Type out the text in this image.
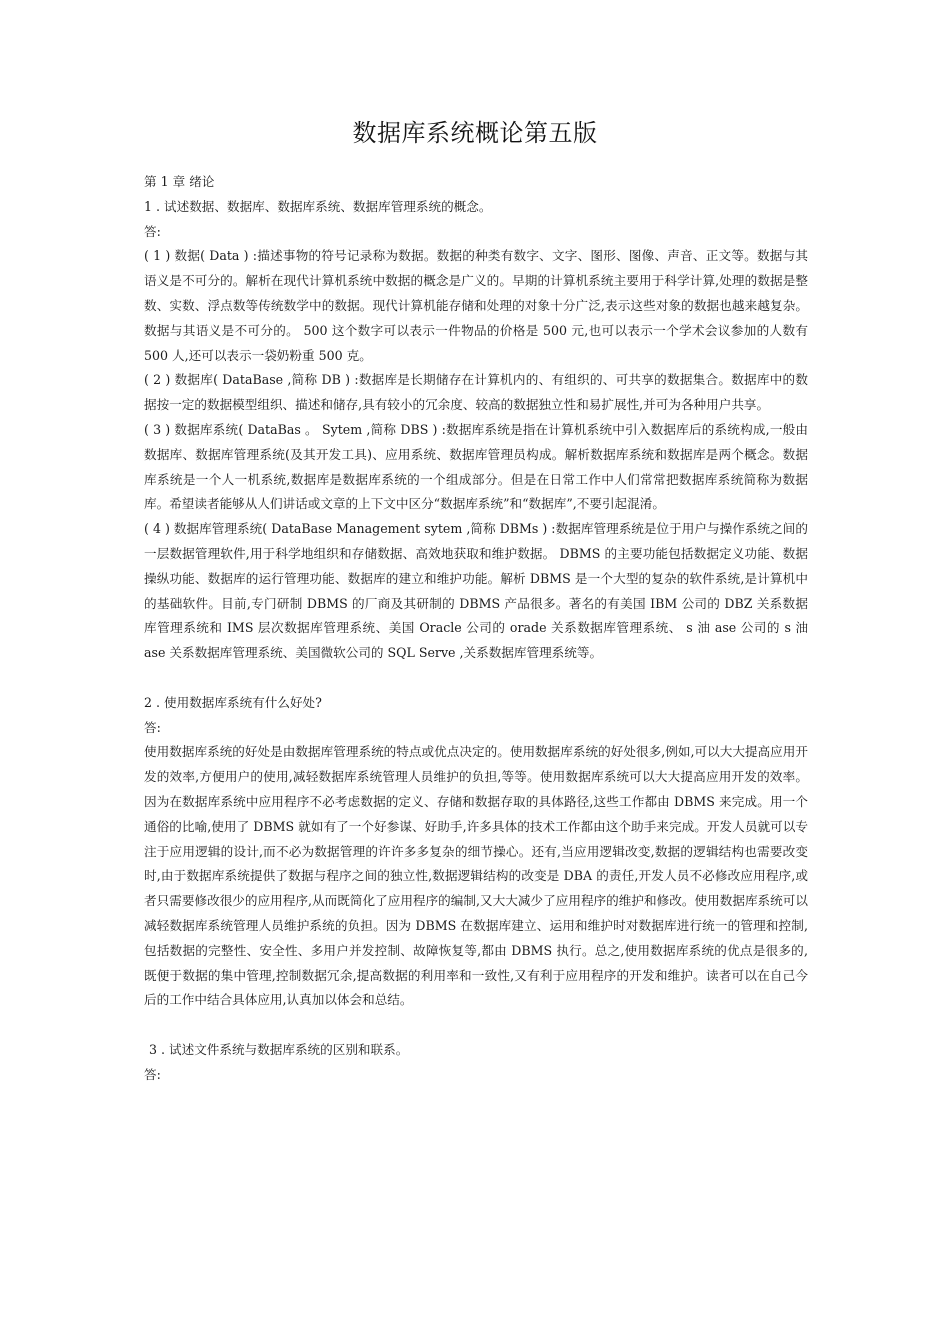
数据库系统概论第五版

第 1 章 绪论

1 . 试述数据、数据库、数据库系统、数据库管理系统的概念。

答:

( 1 ) 数据( Data ) :描述事物的符号记录称为数据。数据的种类有数字、文字、图形、图像、声音、正文等。数据与其语义是不可分的。解析在现代计算机系统中数据的概念是广义的。早期的计算机系统主要用于科学计算,处理的数据是整数、实数、浮点数等传统数学中的数据。现代计算机能存储和处理的对象十分广泛,表示这些对象的数据也越来越复杂。数据与其语义是不可分的。 500 这个数字可以表示一件物品的价格是 500 元,也可以表示一个学术会议参加的人数有 500 人,还可以表示一袋奶粉重 500 克。

( 2 ) 数据库( DataBase ,简称 DB ) :数据库是长期储存在计算机内的、有组织的、可共享的数据集合。数据库中的数据按一定的数据模型组织、描述和储存,具有较小的冗余度、较高的数据独立性和易扩展性,并可为各种用户共享。

( 3 ) 数据库系统( DataBas 。 Sytem ,简称 DBS ) :数据库系统是指在计算机系统中引入数据库后的系统构成,一般由数据库、数据库管理系统(及其开发工具)、应用系统、数据库管理员构成。解析数据库系统和数据库是两个概念。数据库系统是一个人一机系统,数据库是数据库系统的一个组成部分。但是在日常工作中人们常常把数据库系统简称为数据库。希望读者能够从人们讲话或文章的上下文中区分“数据库系统”和“数据库”,不要引起混淆。

( 4 ) 数据库管理系统( DataBase Management sytem ,简称 DBMs ) :数据库管理系统是位于用户与操作系统之间的一层数据管理软件,用于科学地组织和存储数据、高效地获取和维护数据。 DBMS 的主要功能包括数据定义功能、数据操纵功能、数据库的运行管理功能、数据库的建立和维护功能。解析 DBMS 是一个大型的复杂的软件系统,是计算机中的基础软件。目前,专门研制 DBMS 的厂商及其研制的 DBMS 产品很多。著名的有美国 IBM 公司的 DBZ 关系数据库管理系统和 IMS 层次数据库管理系统、美国 Oracle 公司的 orade 关系数据库管理系统、 s 油 ase 公司的 s 油 ase 关系数据库管理系统、美国微软公司的 SQL Serve ,关系数据库管理系统等。

2 . 使用数据库系统有什么好处?

答:

使用数据库系统的好处是由数据库管理系统的特点或优点决定的。使用数据库系统的好处很多,例如,可以大大提高应用开发的效率,方便用户的使用,减轻数据库系统管理人员维护的负担,等等。使用数据库系统可以大大提高应用开发的效率。因为在数据库系统中应用程序不必考虑数据的定义、存储和数据存取的具体路径,这些工作都由 DBMS 来完成。用一个通俗的比喻,使用了 DBMS 就如有了一个好参谋、好助手,许多具体的技术工作都由这个助手来完成。开发人员就可以专注于应用逻辑的设计,而不必为数据管理的许许多多复杂的细节操心。还有,当应用逻辑改变,数据的逻辑结构也需要改变时,由于数据库系统提供了数据与程序之间的独立性,数据逻辑结构的改变是 DBA 的责任,开发人员不必修改应用程序,或者只需要修改很少的应用程序,从而既简化了应用程序的编制,又大大减少了应用程序的维护和修改。使用数据库系统可以减轻数据库系统管理人员维护系统的负担。因为 DBMS 在数据库建立、运用和维护时对数据库进行统一的管理和控制,包括数据的完整性、安全性、多用户并发控制、故障恢复等,都由 DBMS 执行。总之,使用数据库系统的优点是很多的,既便于数据的集中管理,控制数据冗余,提高数据的利用率和一致性,又有利于应用程序的开发和维护。读者可以在自己今后的工作中结合具体应用,认真加以体会和总结。

3 . 试述文件系统与数据库系统的区别和联系。

答:
